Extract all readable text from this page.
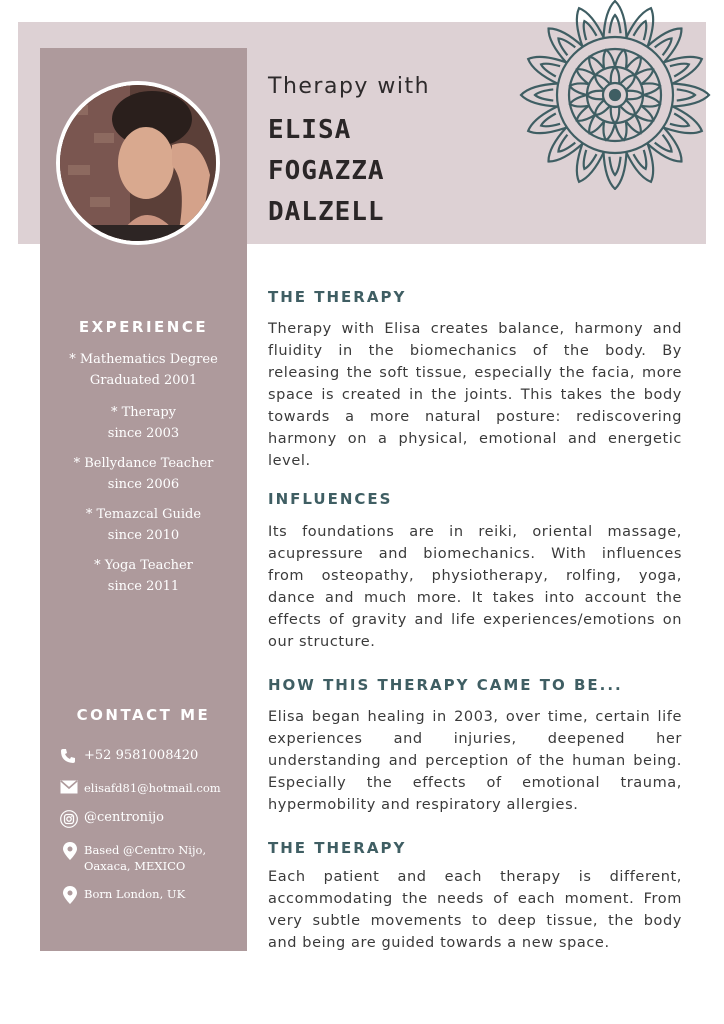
Therapy with
ELISA
FOGAZZA
DALZELL
EXPERIENCE
* Mathematics Degree
Graduated 2001
* Therapy
since 2003
* Bellydance Teacher
since 2006
* Temazcal Guide
since 2010
* Yoga Teacher
since 2011
CONTACT ME
+52 9581008420
elisafd81@hotmail.com
@centronijo
Based @Centro Nijo,
Oaxaca, MEXICO
Born London, UK
THE THERAPY
Therapy with Elisa creates balance, harmony and fluidity in the biomechanics of the body. By releasing the soft tissue, especially the facia, more space is created in the joints. This takes the body towards a more natural posture: rediscovering harmony on a physical, emotional and energetic level.
INFLUENCES
Its foundations are in reiki, oriental massage, acupressure and biomechanics. With influences from osteopathy, physiotherapy, rolfing, yoga, dance and much more. It takes into account the effects of gravity and life experiences/emotions on our structure.
HOW THIS THERAPY CAME TO BE...
Elisa began healing in 2003, over time, certain life experiences and injuries, deepened her understanding and perception of the human being. Especially the effects of emotional trauma, hypermobility and respiratory allergies.
THE THERAPY
Each patient and each therapy is different, accommodating the needs of each moment. From very subtle movements to deep tissue, the body and being are guided towards a new space.
